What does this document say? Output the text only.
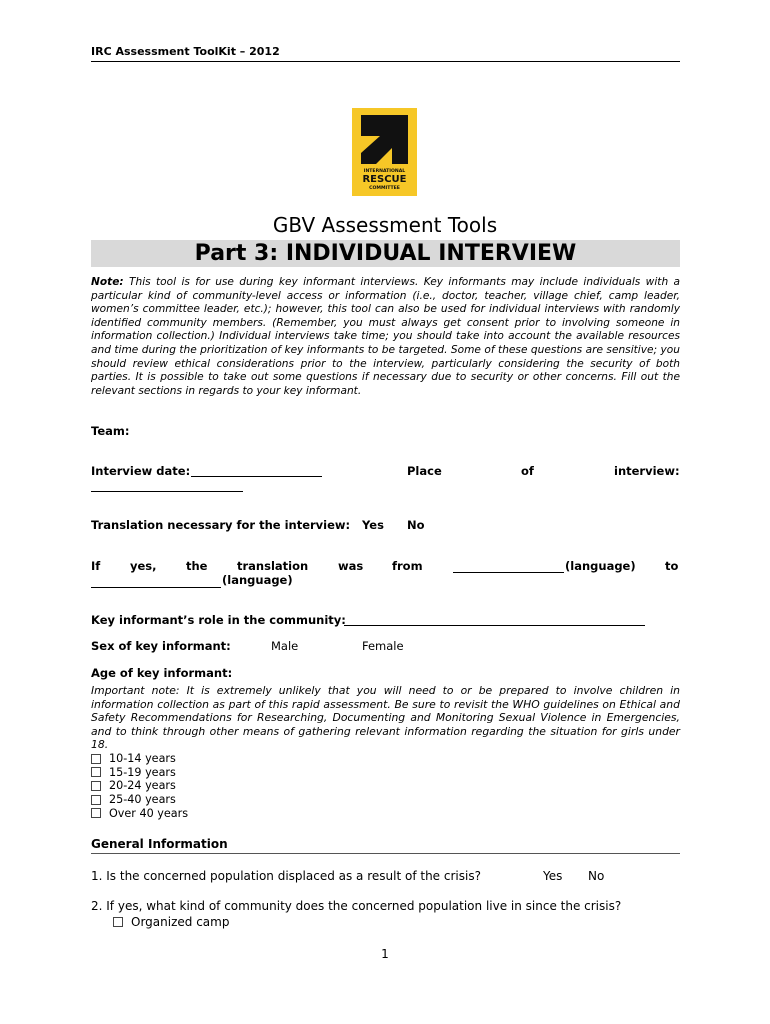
IRC Assessment ToolKit – 2012
INTERNATIONAL
RESCUE
COMMITTEE
GBV Assessment Tools
Part 3: INDIVIDUAL INTERVIEW
Note: This tool is for use during key informant interviews. Key informants may include individuals with a particular kind of community-level access or information (i.e., doctor, teacher, village chief, camp leader, women’s committee leader, etc.); however, this tool can also be used for individual interviews with randomly identified community members. (Remember, you must always get consent prior to involving someone in information collection.) Individual interviews take time; you should take into account the available resources and time during the prioritization of key informants to be targeted. Some of these questions are sensitive; you should review ethical considerations prior to the interview, particularly considering the security of both parties. It is possible to take out some questions if necessary due to security or other concerns. Fill out the relevant sections in regards to your key informant.
Team:
Interview date:	Place	of	interview:
Translation necessary for the interview: Yes No
If	yes,	the	translation	was	from	(language)	to
(language)
Key informant’s role in the community:
Sex of key informant:	Male	Female
Age of key informant:
Important note: It is extremely unlikely that you will need to or be prepared to involve children in information collection as part of this rapid assessment. Be sure to revisit the WHO guidelines on Ethical and Safety Recommendations for Researching, Documenting and Monitoring Sexual Violence in Emergencies, and to think through other means of gathering relevant information regarding the situation for girls under 18.
10-14 years
15-19 years
20-24 years
25-40 years
Over 40 years
General Information
1. Is the concerned population displaced as a result of the crisis?	Yes No
2. If yes, what kind of community does the concerned population live in since the crisis?
Organized camp
1
